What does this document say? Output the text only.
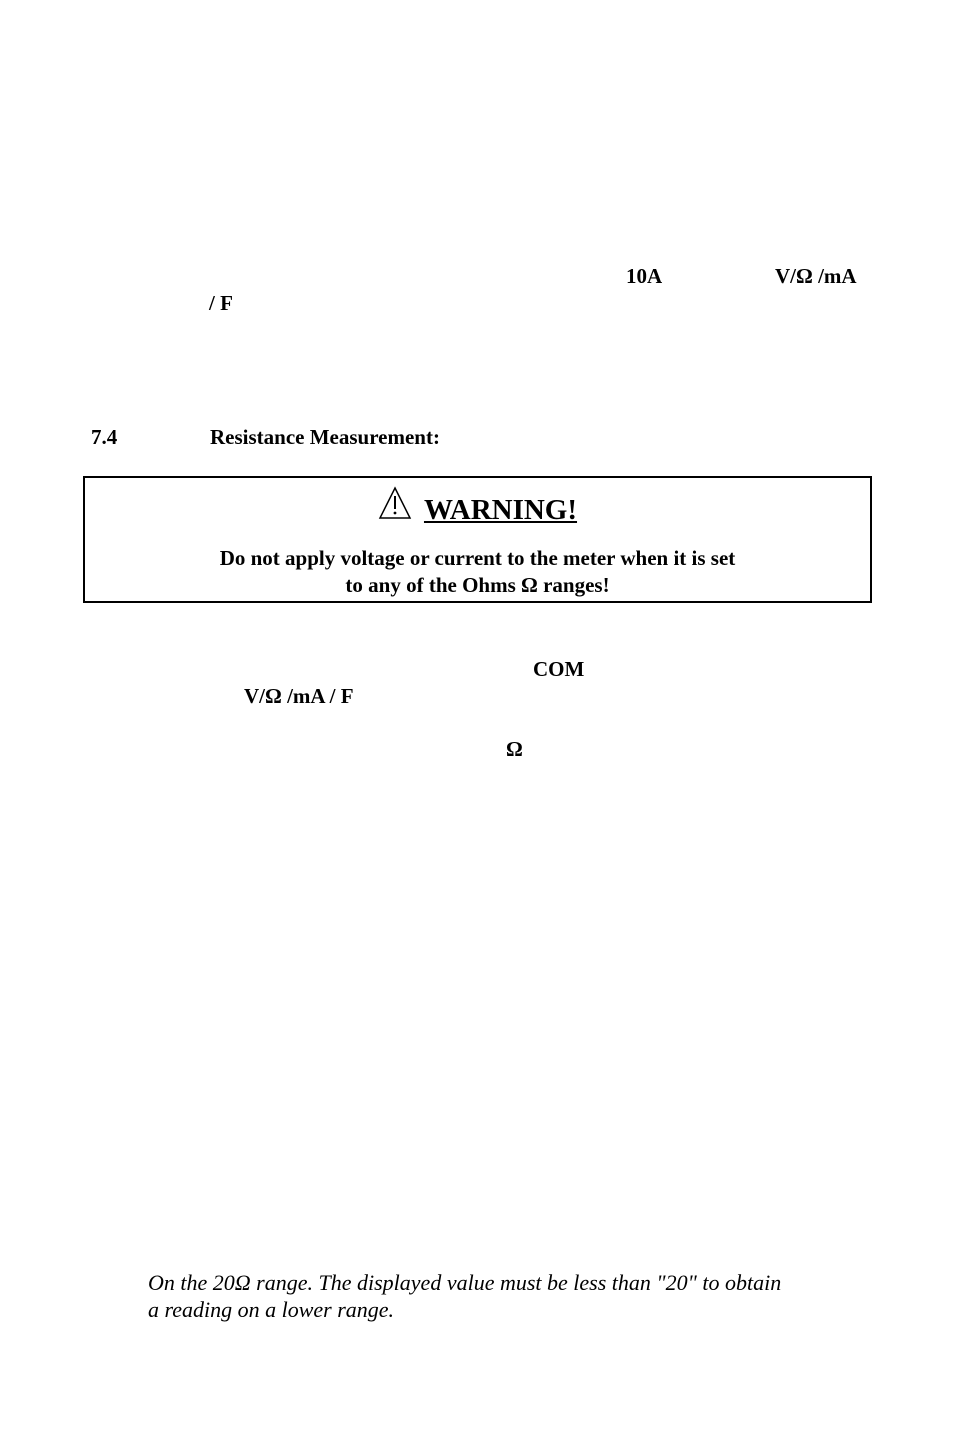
10A	V/Ω /mA
/ F
7.4	Resistance Measurement:
WARNING!
Do not apply voltage or current to the meter when it is set
to any of the Ohms Ω ranges!
COM
V/Ω /mA / F
Ω
On the 20Ω range. The displayed value must be less than "20" to obtain
a reading on a lower range.
